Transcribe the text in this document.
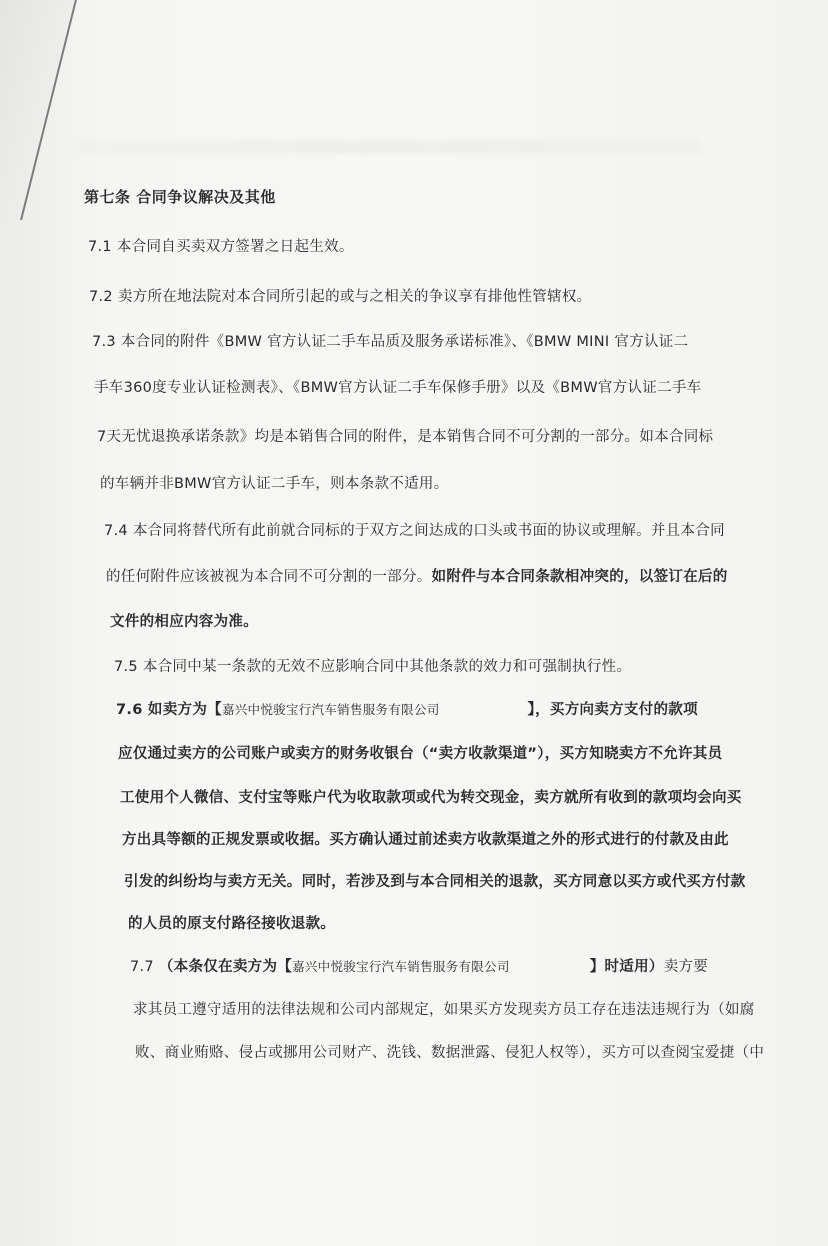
第七条 合同争议解决及其他
7.1 本合同自买卖双方签署之日起生效。
7.2 卖方所在地法院对本合同所引起的或与之相关的争议享有排他性管辖权。
7.3 本合同的附件《BMW 官方认证二手车品质及服务承诺标准》、《BMW MINI 官方认证二
手车360度专业认证检测表》、《BMW官方认证二手车保修手册》以及《BMW官方认证二手车
7天无忧退换承诺条款》均是本销售合同的附件，是本销售合同不可分割的一部分。如本合同标
的车辆并非BMW官方认证二手车，则本条款不适用。
7.4 本合同将替代所有此前就合同标的于双方之间达成的口头或书面的协议或理解。并且本合同
的任何附件应该被视为本合同不可分割的一部分。如附件与本合同条款相冲突的，以签订在后的
文件的相应内容为准。
7.5 本合同中某一条款的无效不应影响合同中其他条款的效力和可强制执行性。
7.6 如卖方为【嘉兴中悦骏宝行汽车销售服务有限公司	】，买方向卖方支付的款项
应仅通过卖方的公司账户或卖方的财务收银台（“卖方收款渠道”），买方知晓卖方不允许其员
工使用个人微信、支付宝等账户代为收取款项或代为转交现金，卖方就所有收到的款项均会向买
方出具等额的正规发票或收据。买方确认通过前述卖方收款渠道之外的形式进行的付款及由此
引发的纠纷均与卖方无关。同时，若涉及到与本合同相关的退款，买方同意以买方或代买方付款
的人员的原支付路径接收退款。
7.7 （本条仅在卖方为【嘉兴中悦骏宝行汽车销售服务有限公司	】时适用）卖方要
求其员工遵守适用的法律法规和公司内部规定，如果买方发现卖方员工存在违法违规行为（如腐
败、商业贿赂、侵占或挪用公司财产、洗钱、数据泄露、侵犯人权等），买方可以查阅宝爱捷（中
